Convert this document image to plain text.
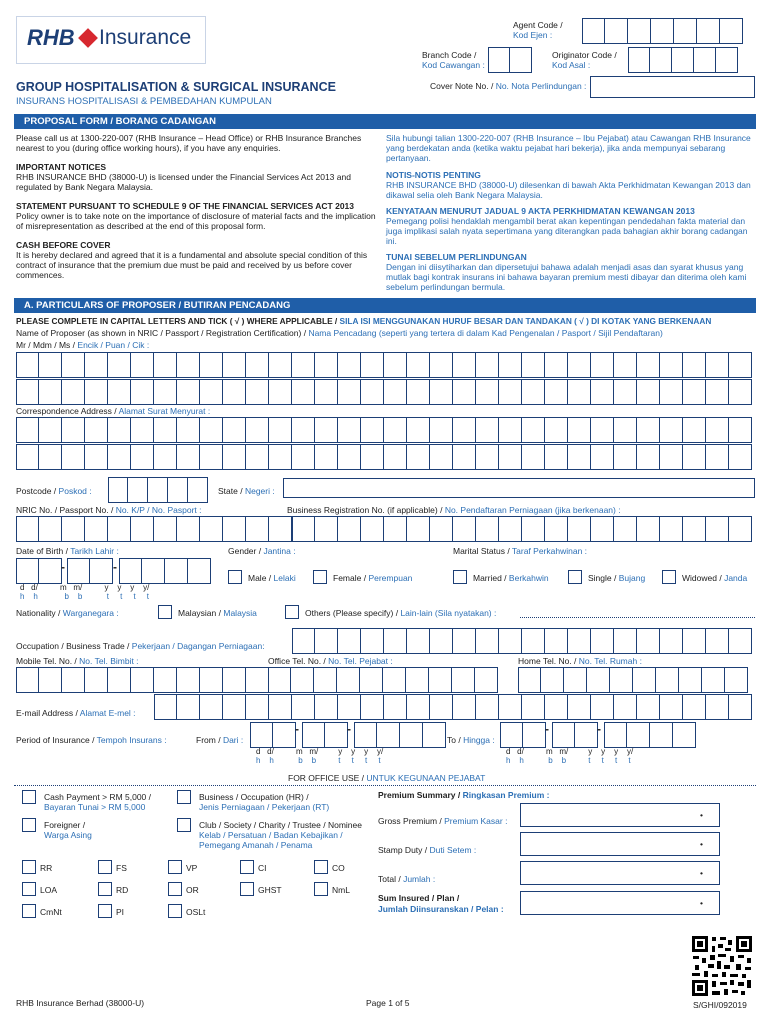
RHB Insurance
Agent Code /
Kod Ejen :
Branch Code /
Kod Cawangan :
Originator Code /
Kod Asal :
Cover Note No. / No. Nota Perlindungan :
GROUP HOSPITALISATION & SURGICAL INSURANCE
INSURANS HOSPITALISASI & PEMBEDAHAN KUMPULAN
PROPOSAL FORM / BORANG CADANGAN
Please call us at 1300-220-007 (RHB Insurance – Head Office) or RHB Insurance Branches nearest to you (during office working hours), if you have any enquiries.
IMPORTANT NOTICES
RHB INSURANCE BHD (38000-U) is licensed under the Financial Services Act 2013 and regulated by Bank Negara Malaysia.
STATEMENT PURSUANT TO SCHEDULE 9 OF THE FINANCIAL SERVICES ACT 2013
Policy owner is to take note on the importance of disclosure of material facts and the implication of misrepresentation as described at the end of this proposal form.
CASH BEFORE COVER
It is hereby declared and agreed that it is a fundamental and absolute special condition of this contract of insurance that the premium due must be paid and received by us before cover commences.
Sila hubungi talian 1300-220-007 (RHB Insurance – Ibu Pejabat) atau Cawangan RHB Insurance yang berdekatan anda (ketika waktu pejabat hari bekerja), jika anda mempunyai sebarang pertanyaan.
NOTIS-NOTIS PENTING
RHB INSURANCE BHD (38000-U) dilesenkan di bawah Akta Perkhidmatan Kewangan 2013 dan dikawal selia oleh Bank Negara Malaysia.
KENYATAAN MENURUT JADUAL 9 AKTA PERKHIDMATAN KEWANGAN 2013
Pemegang polisi hendaklah mengambil berat akan kepentingan pendedahan fakta material dan juga implikasi salah nyata sepertimana yang diterangkan pada bahagian akhir borang cadangan ini.
TUNAI SEBELUM PERLINDUNGAN
Dengan ini diisytiharkan dan dipersetujui bahawa adalah menjadi asas dan syarat khusus yang mutlak bagi kontrak insurans ini bahawa bayaran premium mesti dibayar dan diterima oleh kami sebelum perlindungan bermula.
A. PARTICULARS OF PROPOSER / BUTIRAN PENCADANG
PLEASE COMPLETE IN CAPITAL LETTERS AND TICK ( √ ) WHERE APPLICABLE / SILA ISI MENGGUNAKAN HURUF BESAR DAN TANDAKAN ( √ ) DI KOTAK YANG BERKENAAN
Name of Proposer (as shown in NRIC / Passport / Registration Certification) / Nama Pencadang (seperti yang tertera di dalam Kad Pengenalan / Pasport / Sijil Pendaftaran)
Mr / Mdm / Ms / Encik / Puan / Cik :
Correspondence Address / Alamat Surat Menyurat :
Postcode / Poskod :	State / Negeri :
NRIC No. / Passport No. / No. K/P / No. Pasport :	Business Registration No. (if applicable) / No. Pendaftaran Perniagaan (jika berkenaan) :
Date of Birth / Tarikh Lahir :	Gender / Jantina :	Marital Status / Taraf Perkahwinan :
-	-
d d/	m m/	y y y y/
h h	b b	t t t t
Male / Lelaki	Female / Perempuan	Married / Berkahwin	Single / Bujang	Widowed / Janda
Nationality / Warganegara :	Malaysian / Malaysia	Others (Please specify) / Lain-lain (Sila nyatakan) :
Occupation / Business Trade / Pekerjaan / Dagangan Perniagaan:
Mobile Tel. No. / No. Tel. Bimbit :	Office Tel. No. / No. Tel. Pejabat :	Home Tel. No. / No. Tel. Rumah :
E-mail Address / Alamat E-mel :
Period of Insurance / Tempoh Insurans :	From / Dari :
-	-
d d/	m m/	y y y y/
h h	b b	t t t t
To / Hingga :
-	-
d d/	m m/	y y y y/
h h	b b	t t t t
FOR OFFICE USE / UNTUK KEGUNAAN PEJABAT
Cash Payment > RM 5,000 /
Bayaran Tunai > RM 5,000
Business / Occupation (HR) /
Jenis Perniagaan / Pekerjaan (RT)
Foreigner /
Warga Asing
Club / Society / Charity / Trustee / Nominee
Kelab / Persatuan / Badan Kebajikan /
Pemegang Amanah / Penama
RR	FS	VP	CI	CO
LOA	RD	OR	GHST	NmL
CmNt	PI	OSLt
Premium Summary / Ringkasan Premium :
Gross Premium / Premium Kasar :
•
Stamp Duty / Duti Setem :
•
Total / Jumlah :
•
Sum Insured / Plan /
Jumlah Diinsuranskan / Pelan :
•
RHB Insurance Berhad (38000-U)	Page 1 of 5	S/GHI/092019
